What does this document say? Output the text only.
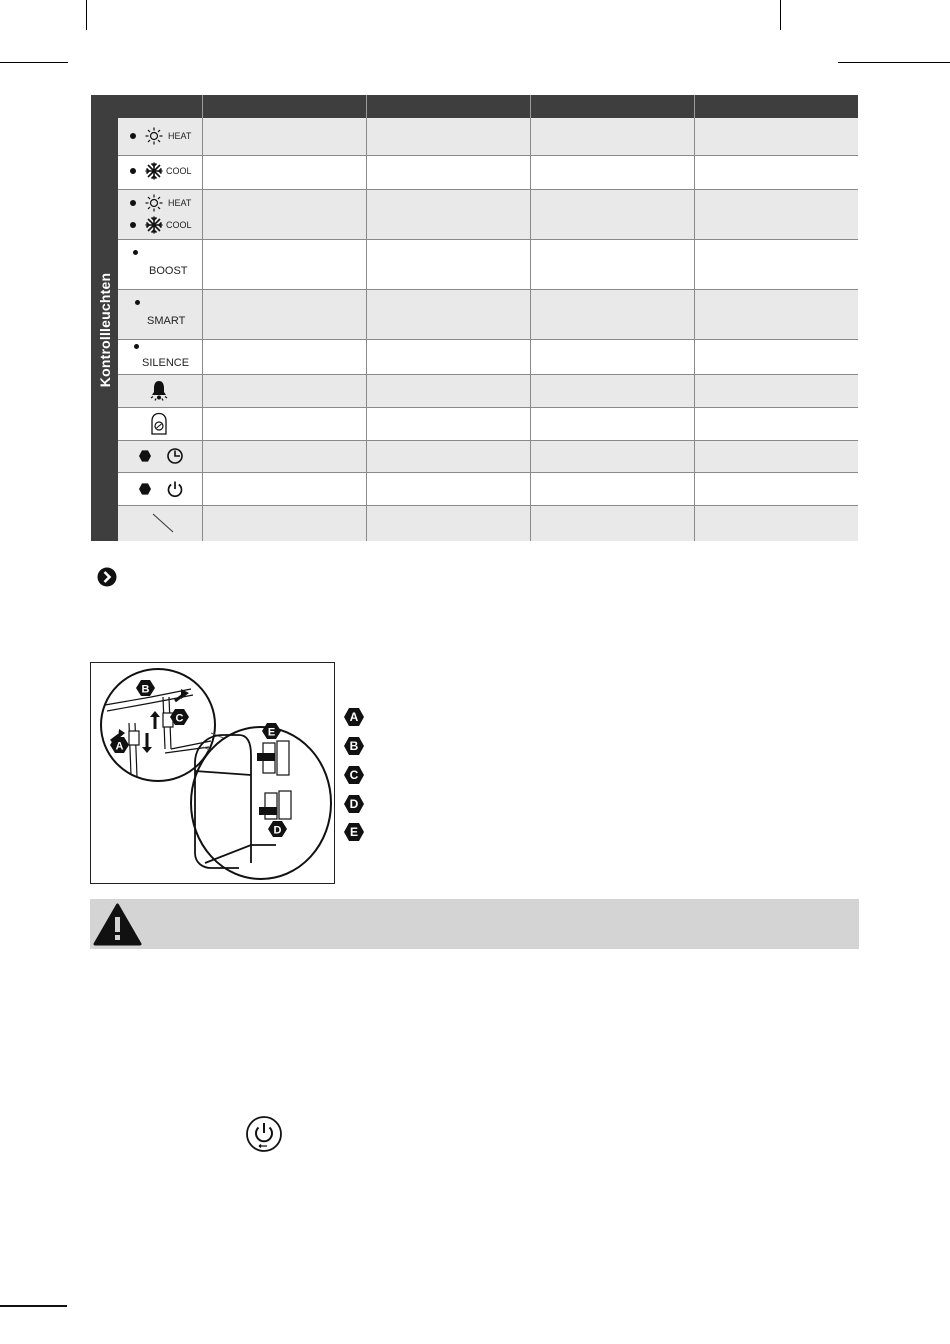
Kontrollleuchten
HEAT
COOL
HEAT
COOL
BOOST
SMART
SILENCE
B
C
A
E
D
A
B
C
D
E
